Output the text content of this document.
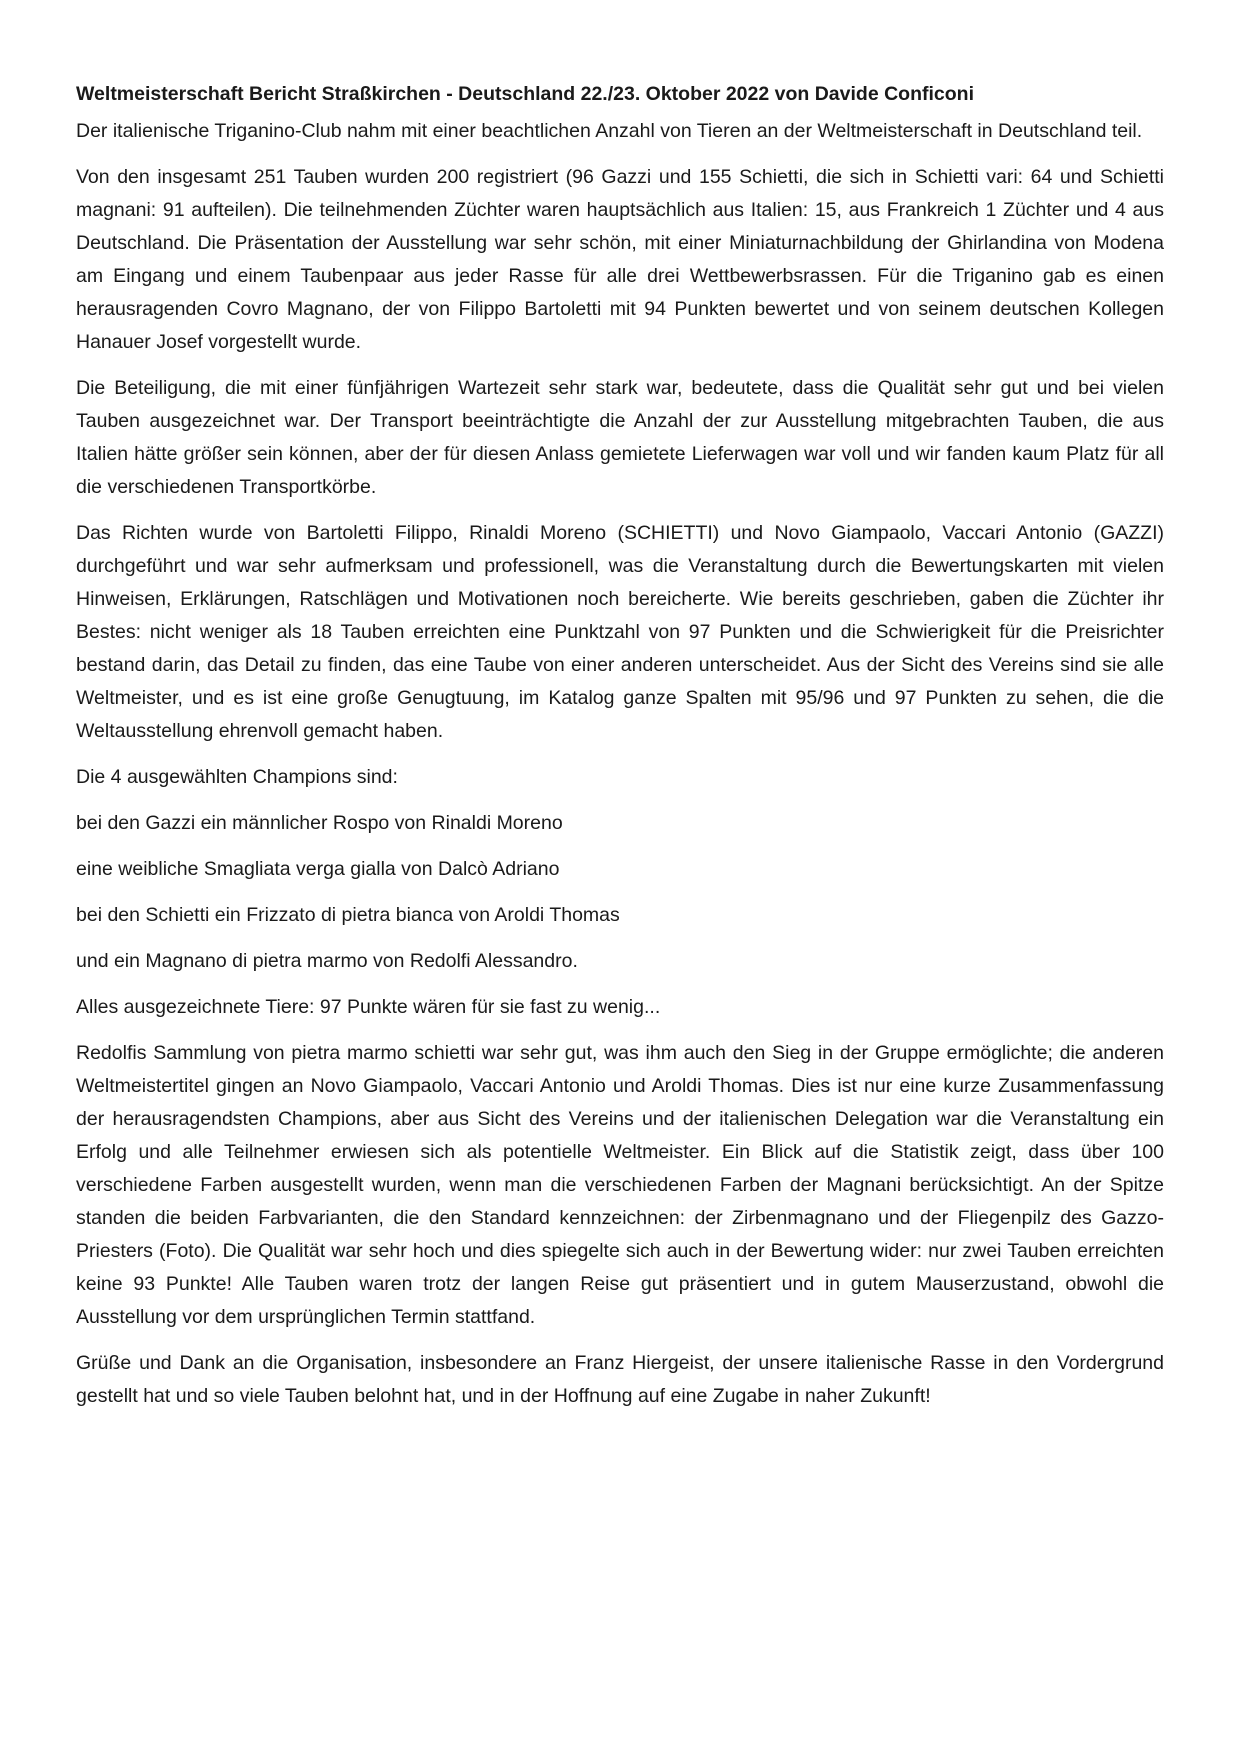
Weltmeisterschaft Bericht Straßkirchen - Deutschland 22./23. Oktober 2022 von Davide Conficoni

Der italienische Triganino-Club nahm mit einer beachtlichen Anzahl von Tieren an der Weltmeisterschaft in Deutschland teil.

Von den insgesamt 251 Tauben wurden 200 registriert (96 Gazzi und 155 Schietti, die sich in Schietti vari: 64 und Schietti magnani: 91 aufteilen). Die teilnehmenden Züchter waren hauptsächlich aus Italien: 15, aus Frankreich 1 Züchter und 4 aus Deutschland. Die Präsentation der Ausstellung war sehr schön, mit einer Miniaturnachbildung der Ghirlandina von Modena am Eingang und einem Taubenpaar aus jeder Rasse für alle drei Wettbewerbsrassen. Für die Triganino gab es einen herausragenden Covro Magnano, der von Filippo Bartoletti mit 94 Punkten bewertet und von seinem deutschen Kollegen Hanauer Josef vorgestellt wurde.

Die Beteiligung, die mit einer fünfjährigen Wartezeit sehr stark war, bedeutete, dass die Qualität sehr gut und bei vielen Tauben ausgezeichnet war. Der Transport beeinträchtigte die Anzahl der zur Ausstellung mitgebrachten Tauben, die aus Italien hätte größer sein können, aber der für diesen Anlass gemietete Lieferwagen war voll und wir fanden kaum Platz für all die verschiedenen Transportkörbe.

Das Richten wurde von Bartoletti Filippo, Rinaldi Moreno (SCHIETTI) und Novo Giampaolo, Vaccari Antonio (GAZZI) durchgeführt und war sehr aufmerksam und professionell, was die Veranstaltung durch die Bewertungskarten mit vielen Hinweisen, Erklärungen, Ratschlägen und Motivationen noch bereicherte. Wie bereits geschrieben, gaben die Züchter ihr Bestes: nicht weniger als 18 Tauben erreichten eine Punktzahl von 97 Punkten und die Schwierigkeit für die Preisrichter bestand darin, das Detail zu finden, das eine Taube von einer anderen unterscheidet. Aus der Sicht des Vereins sind sie alle Weltmeister, und es ist eine große Genugtuung, im Katalog ganze Spalten mit 95/96 und 97 Punkten zu sehen, die die Weltausstellung ehrenvoll gemacht haben.

Die 4 ausgewählten Champions sind:

bei den Gazzi ein männlicher Rospo von Rinaldi Moreno

eine weibliche Smagliata verga gialla von Dalcò Adriano

bei den Schietti ein Frizzato di pietra bianca von Aroldi Thomas

und ein Magnano di pietra marmo von Redolfi Alessandro.

Alles ausgezeichnete Tiere: 97 Punkte wären für sie fast zu wenig...

Redolfis Sammlung von pietra marmo schietti war sehr gut, was ihm auch den Sieg in der Gruppe ermöglichte; die anderen Weltmeistertitel gingen an Novo Giampaolo, Vaccari Antonio und Aroldi Thomas. Dies ist nur eine kurze Zusammenfassung der herausragendsten Champions, aber aus Sicht des Vereins und der italienischen Delegation war die Veranstaltung ein Erfolg und alle Teilnehmer erwiesen sich als potentielle Weltmeister. Ein Blick auf die Statistik zeigt, dass über 100 verschiedene Farben ausgestellt wurden, wenn man die verschiedenen Farben der Magnani berücksichtigt. An der Spitze standen die beiden Farbvarianten, die den Standard kennzeichnen: der Zirbenmagnano und der Fliegenpilz des Gazzo-Priesters (Foto). Die Qualität war sehr hoch und dies spiegelte sich auch in der Bewertung wider: nur zwei Tauben erreichten keine 93 Punkte! Alle Tauben waren trotz der langen Reise gut präsentiert und in gutem Mauserzustand, obwohl die Ausstellung vor dem ursprünglichen Termin stattfand.

Grüße und Dank an die Organisation, insbesondere an Franz Hiergeist, der unsere italienische Rasse in den Vordergrund gestellt hat und so viele Tauben belohnt hat, und in der Hoffnung auf eine Zugabe in naher Zukunft!
